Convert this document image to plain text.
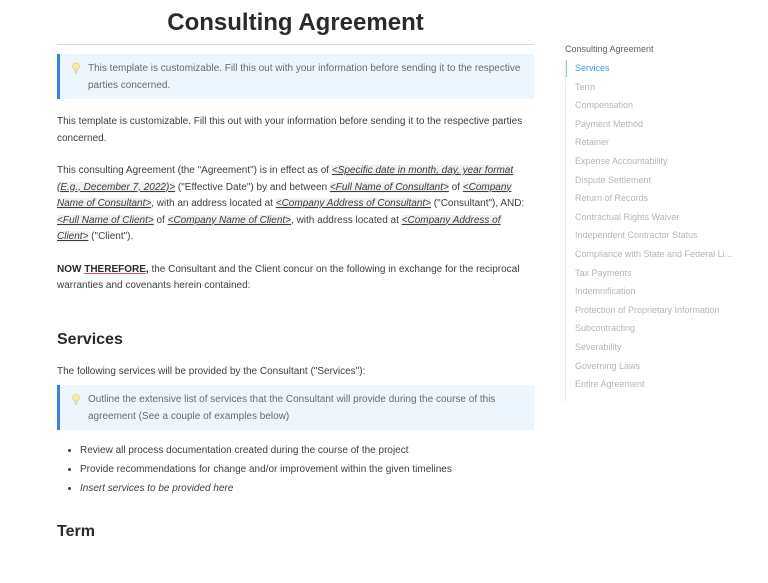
Consulting Agreement
This template is customizable. Fill this out with your information before sending it to the respective parties concerned.

This template is customizable. Fill this out with your information before sending it to the respective parties concerned.

This consulting Agreement (the "Agreement") is in effect as of <Specific date in month, day, year format (E.g., December 7, 2022)> ("Effective Date") by and between <Full Name of Consultant> of <Company Name of Consultant>, with an address located at <Company Address of Consultant> ("Consultant"), AND:
<Full Name of Client> of <Company Name of Client>, with address located at <Company Address of Client> ("Client").

NOW THEREFORE, the Consultant and the Client concur on the following in exchange for the reciprocal warranties and covenants herein contained:

Services

The following services will be provided by the Consultant ("Services"):

Outline the extensive list of services that the Consultant will provide during the course of this agreement (See a couple of examples below)
Review all process documentation created during the course of the project
Provide recommendations for change and/or improvement within the given timelines
Insert services to be provided here
Term
Consulting Agreement
Services
Term
Compensation
Payment Method
Retainer
Expense Accountability
Dispute Settlement
Return of Records
Contractual Rights Waiver
Independent Contractor Status
Compliance with State and Federal Li...
Tax Payments
Indemnification
Protection of Proprietary Information
Subcontracting
Severability
Governing Laws
Entire Agreement
